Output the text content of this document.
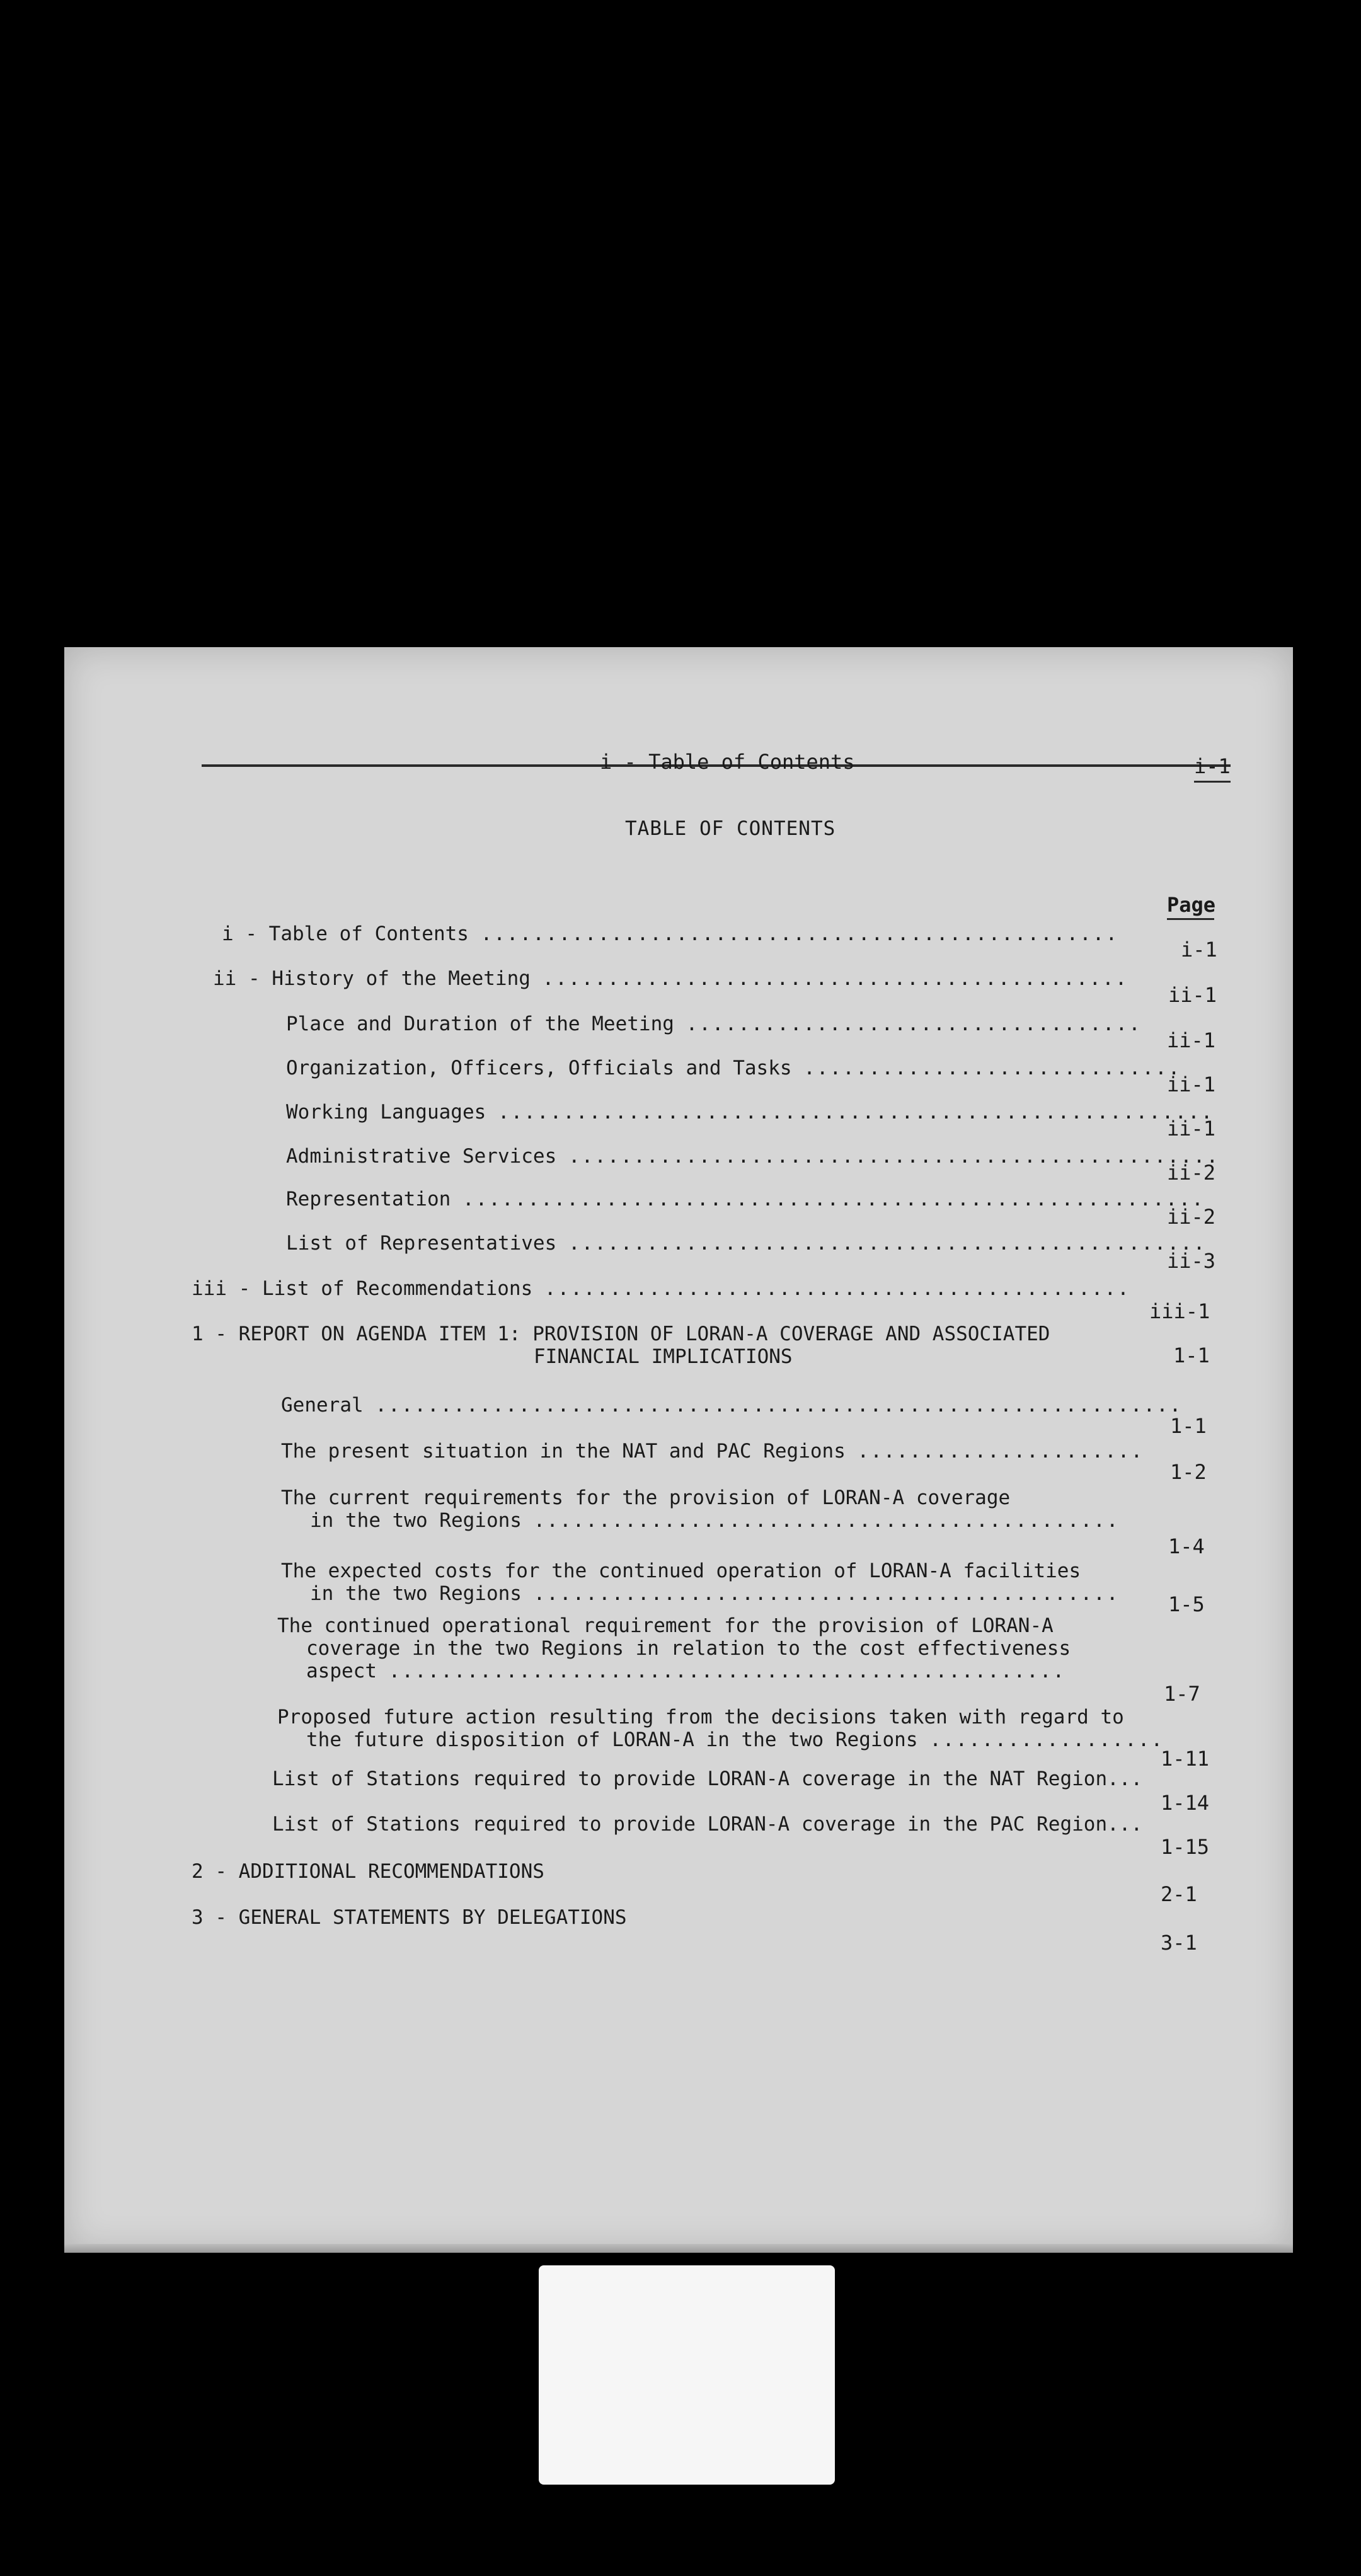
i - Table of Contents	i-1
TABLE OF CONTENTS
Page
i - Table of Contents .................................................
i-1
ii - History of the Meeting .............................................
ii-1
Place and Duration of the Meeting ...................................
ii-1
Organization, Officers, Officials and Tasks .............................
ii-1
Working Languages .......................................................
ii-1
Administrative Services ..................................................
ii-2
Representation .........................................................
ii-2
List of Representatives .................................................
ii-3
iii - List of Recommendations .............................................
iii-1
1 - REPORT ON AGENDA ITEM 1: PROVISION OF LORAN-A COVERAGE AND ASSOCIATED
FINANCIAL IMPLICATIONS	1-1
General ..............................................................
1-1
The present situation in the NAT and PAC Regions ......................
1-2
The current requirements for the provision of LORAN-A coverage
in the two Regions .............................................
1-4
The expected costs for the continued operation of LORAN-A facilities
in the two Regions ............................................. 1-5
The continued operational requirement for the provision of LORAN-A
coverage in the two Regions in relation to the cost effectiveness
aspect ....................................................
1-7
Proposed future action resulting from the decisions taken with regard to
the future disposition of LORAN-A in the two Regions ..................
1-11
List of Stations required to provide LORAN-A coverage in the NAT Region...
1-14
List of Stations required to provide LORAN-A coverage in the PAC Region...
1-15
2 - ADDITIONAL RECOMMENDATIONS
2-1
3 - GENERAL STATEMENTS BY DELEGATIONS
3-1
